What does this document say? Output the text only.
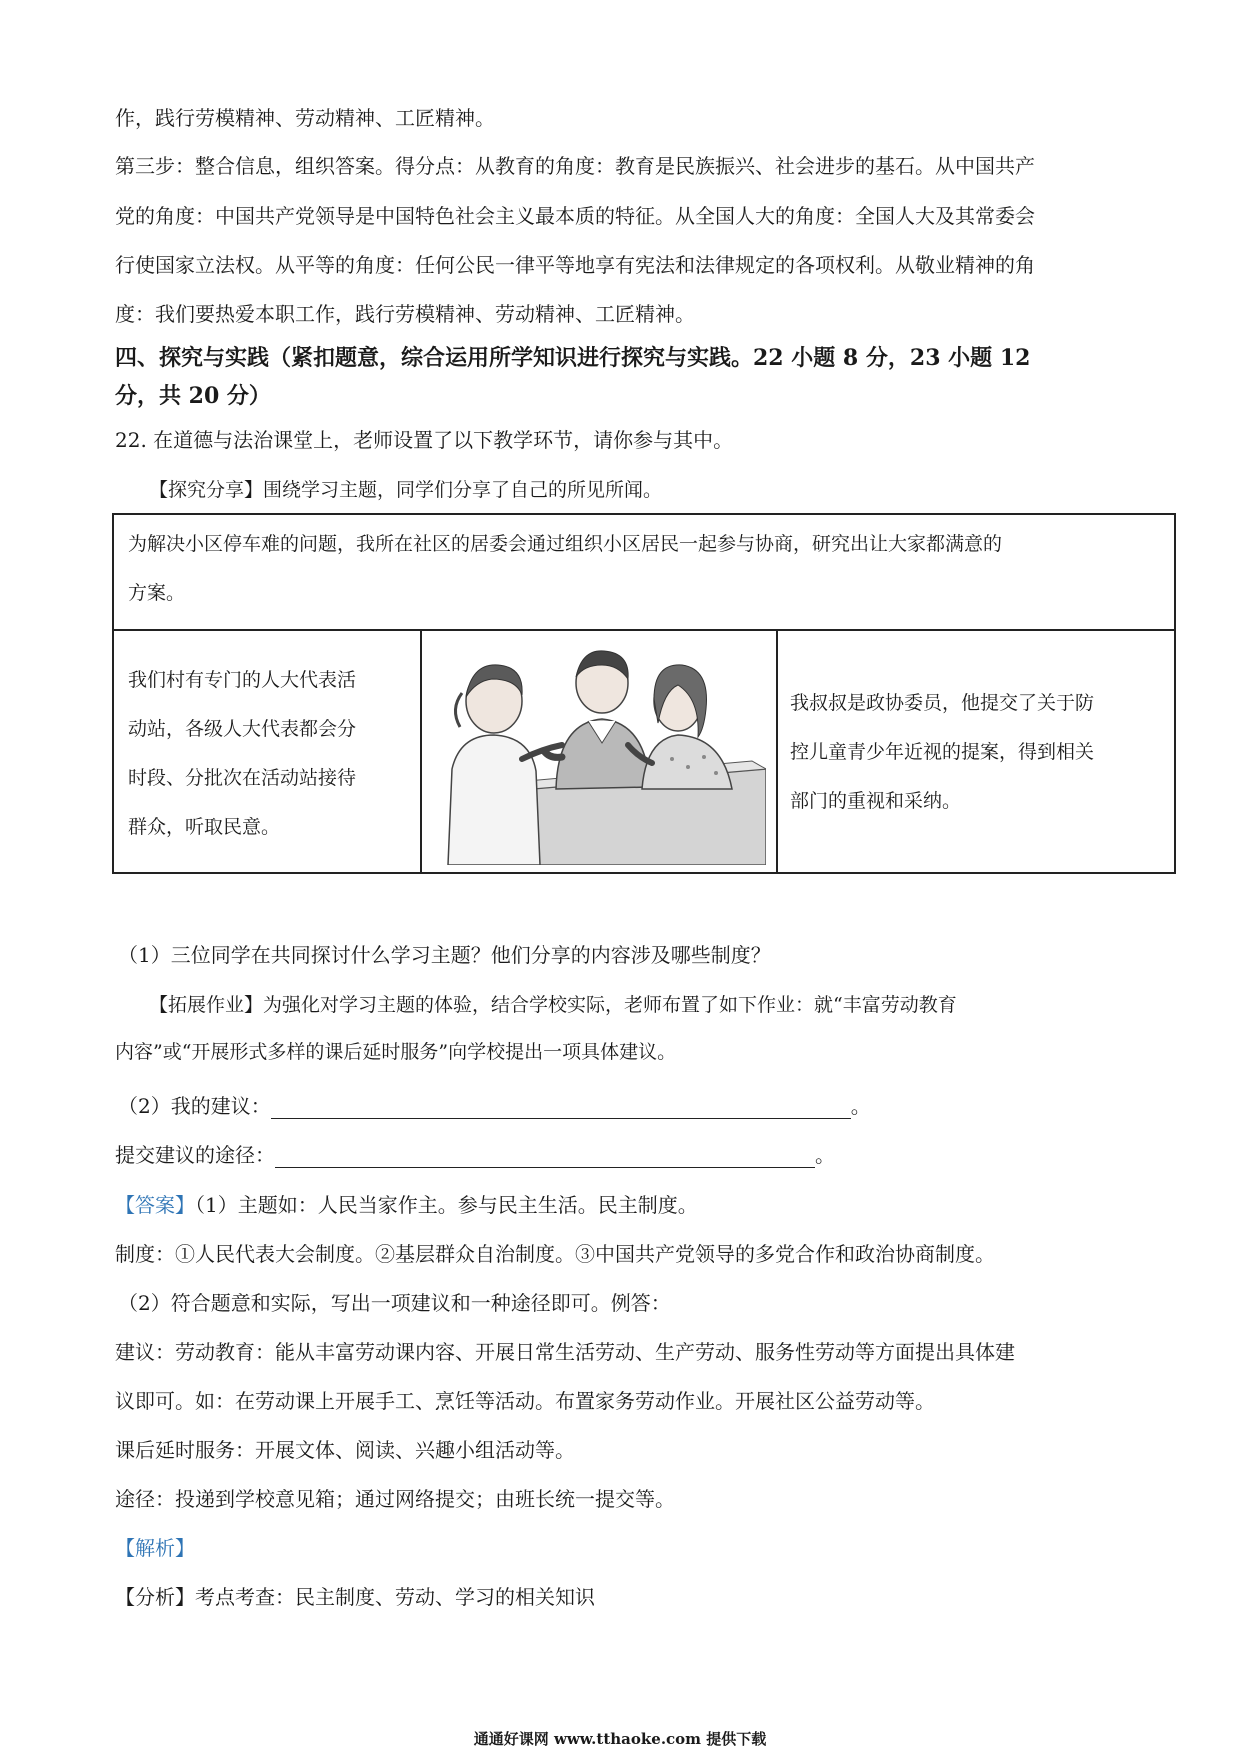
作，践行劳模精神、劳动精神、工匠精神。
第三步：整合信息，组织答案。得分点：从教育的角度：教育是民族振兴、社会进步的基石。从中国共产
党的角度：中国共产党领导是中国特色社会主义最本质的特征。从全国人大的角度：全国人大及其常委会
行使国家立法权。从平等的角度：任何公民一律平等地享有宪法和法律规定的各项权利。从敬业精神的角
度：我们要热爱本职工作，践行劳模精神、劳动精神、工匠精神。
四、探究与实践（紧扣题意，综合运用所学知识进行探究与实践。22 小题 8 分，23 小题 12
分，共 20 分）
22. 在道德与法治课堂上，老师设置了以下教学环节，请你参与其中。
【探究分享】围绕学习主题，同学们分享了自己的所见所闻。
为解决小区停车难的问题，我所在社区的居委会通过组织小区居民一起参与协商，研究出让大家都满意的
方案。
我们村有专门的人大代表活
动站，各级人大代表都会分
时段、分批次在活动站接待
群众，听取民意。
我叔叔是政协委员，他提交了关于防
控儿童青少年近视的提案，得到相关
部门的重视和采纳。
（1）三位同学在共同探讨什么学习主题？他们分享的内容涉及哪些制度？
【拓展作业】为强化对学习主题的体验，结合学校实际，老师布置了如下作业：就“丰富劳动教育
内容”或“开展形式多样的课后延时服务”向学校提出一项具体建议。
（2）我的建议：	。
提交建议的途径：	。
【答案】（1）主题如：人民当家作主。参与民主生活。民主制度。
制度：①人民代表大会制度。②基层群众自治制度。③中国共产党领导的多党合作和政治协商制度。
（2）符合题意和实际，写出一项建议和一种途径即可。例答：
建议：劳动教育：能从丰富劳动课内容、开展日常生活劳动、生产劳动、服务性劳动等方面提出具体建
议即可。如：在劳动课上开展手工、烹饪等活动。布置家务劳动作业。开展社区公益劳动等。
课后延时服务：开展文体、阅读、兴趣小组活动等。
途径：投递到学校意见箱；通过网络提交；由班长统一提交等。
【解析】
【分析】考点考查：民主制度、劳动、学习的相关知识
通通好课网 www.tthaoke.com 提供下载
